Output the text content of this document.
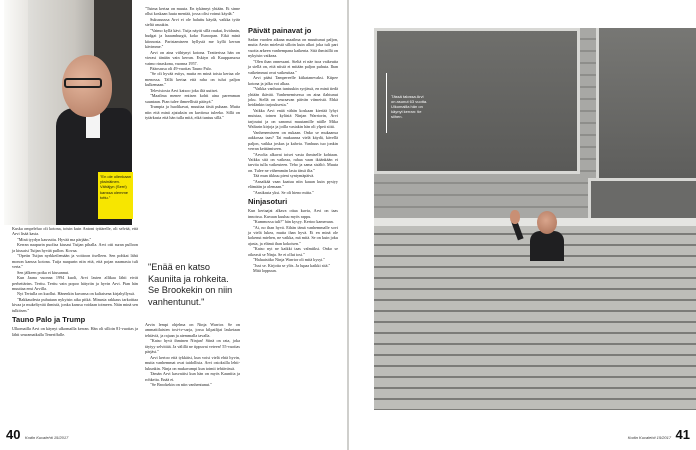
"En ole ollenkaan yksinäinen. Vähäjyn (Serri) kanssa olemme tottu."

Kuska ompeleluo oli kotona, toisin kuin Antoni tyttärelle, oli selvää, että Arvi lisää kasta.

"Minä tyydyn kauvuttu. Hyvää ma pärjään."

Kerran naapurin puolisa kiusasi Tuijan pihalla. Arvi otti suran pulloon ja kiusaisi Tuijan hyvää pullon. Kovaa.

"Opetin Tuijan nyrkkeilemään ja voittoon itselleen. Sen pohkat lähti monon kanssa kotona. Tuija naapurin niin että, että pojan naamasta tuli verta."

Sen jälkeen poika ei kiusannut.

Kun Jaana vuonna 1994 kuoli, Arvi lasten allikaa lähti eivät perhettärins. Terttu. Terttu vain popoo hätyriin ja hyvin Arvi. Pian hän muuttaa ensi Arvilla.

Nyt Tertulla on kuollut. Hänenkin kuvansa on kaltaisena kirjahyllyssä.

"Rakkaudesta puhutaan nykyisin aika pitkä. Minusta rakkaus tarkoittaa kivaa ja mukeltyvää ihmistä, jonka kanssa voidaan toimeen. Näin minä sen tulkitsen."

Tauno Palo ja Trump

Ulkomailla Arvi on käynyt ulkomailla kerran. Hän oli silloin 81-vuotias ja lähti seuramatkalla Teneriffalle.

"Tuima kertaa on muuta. En tykännyt yhtään. Et sinne ollut koskaan luuta mentää, jossa olisi voinut käydä."

Sukusuussa Arvi ei ole haluttu käydä, vaikka tytär sieltä asuukin.

"Vaimo kyllä kävi. Tuija näytti sillä raukat, lividanin, budgat ja haaamburgit, koko Euroopan. Eikä minä kiinnosta. Paristamiseen hyllystä me kyllä kerran kävimme."

Arvi on aina viihtynyt kotona. Teatterissa hän on vierasi tänään vain kerran. Eskiyn oli Kaupparuosa vaimo rinaskona, vuonna 1957.

Pääosassa oli 49-vuotias Tauno Palo.

"Se oli hyvää esitys, mutta en minä toista kertaa ole menossa. Tällä kertaa että raha on tulut paljon kulkemaan."

Televisiosta Arvi katsoo joka iltä uutiset.

"Maailma menee entisen kohti aina paremman suuntaan. Pian tulee ihmeellistä pääsyä."

Trumpia ja huolikavat, muuttaa tästä puhaan. Mutta niin että minä ajatuksin on kuviinsa tuleeko. Sillä on tytärkasta että hän tulla mitä, eikä tuntuu sillä."

"Enää en katso Kauniita ja rohkeita. Se Brookekin on niin vanhentunut."

Arvin lempi ohjelma on Ninja Warrior. Se on ammattilaisten tosi-tv-sarja, jossa kilpailijat lasketaan tehtäviä, ja rajaan ja aiemmalla tavalla.

"Katso hyvä ihminen Ninjan! Siinä on rata, joka täytyy selvittää. Ja välillä ne tippuvat veteen! 55-vuotias pärjäsi."

Arvi kertoo että tykkäisi, kun voisi vielä ehtä hyvin, mutta vanhemmat ovat taidollisia. Arvi ostoksilla lehti-lukunkin. Ninja on mukavampi kun toimii tehtävässä.

Tämän Arvi kasvattisi kun hän on myös Kauniita ja rohkeita. Enää ei.

"Se Brookekin on niin vanhentunut."

Päivät painavat jo

Sadan vuoden aikana maailma on muuttunut paljon, mutta Arvin mielestä silloin kuin alkoi joka tuli pari vuotta arkeen vanhempana kaikenta. Sitä ihmisillä on nykyisin vaikeaa.

"Olen ihan onnessani. Sieltä ei näe isoa vaikeutta ja siellä on, että niistä ei mitään paljon puhuta. Ihan vaikeimmat ovat vaikeuttaa."

Arvi pääsi Tampereelle kiikatanevaksi. Kiipee kotona ja jalka voi alkaa.

"Vaikka vanhuus tuntuukin syrjässä, en minä tiedä yhtään ikävää. Vanhenemisessa on aina ilahtunut joku. Siellä on seuraavan päivän viimeistä. Ehkä heidänkin tarjouksesta."

Vaikka Arvi enää vähän koskaan kiertää lyhyt muistaa, toinen kylästä Ninjan Warriorin, Arvi tarjoutui ja on sanonut muutamille näille Mika Waltarin kirjoja ja joilla vastakin hän oli ylpeä siitä.

Vanhenemiseen on nukaan. Onko se mukaansa aakkosaa taas? Tai mukaansa vielä käydä, kävellä paljon, vaikka joskus ja kahvia. Vanhuus tuo jonkin verran keittämiseen.

"Arvolta alkavat toiset vasta ihmiselle kohtaan. Vaikka sitä on vaikeaa, rahaa vaan ikäänkään ei tarvita tulla vaikeuteen. Teho ja sama sisältö. Muuta on. Tulee ne vähemmän lasta tässä ilta."

Tää mun tikkuu pieni syntymäpäivä.

"Ansaikää vaan kaatuu niin kauan kuin pystyy elämään ja olemaan."

"Ansikasta yksi. Se oli hieno mitta."

Ninjasoturi

Kun kertaajat alkava ottaa kuvia, Arvi on taas innoissa. Kuvaan kuuluu myös rappu.

"Kummossa tuli?" hän kysyy. Kertoo kameraan.

"Ai, no ihan hyvä. Eihän tämä vanhemmalle sovi ja vielä lukea, mutta ihan hyvä. Ei en minä ole kokenut miehen, ne vaikka, mä mitä. Se on kuin joku ajasta, ja elämä ihan kokoisen."

"Katso nyt ne kaikki taas valmiiksi. Onko se oikeasti se Ninja. Se ei ollut tosi."

"Haluaisitko Ninja Warrior oli mitä kysyi."

"Just se. Kirjoita se ylös. Ja lupaa kaikki sitä."

Mitä loppuun.

40 Kodin Kuvalehti 15/2017
Tässä talossa Arvi on asunut 63 vuotta. Ulkomailla hän on käynyt kerran: tie siihen.
Kodin Kuvalehti 15/2017 41
